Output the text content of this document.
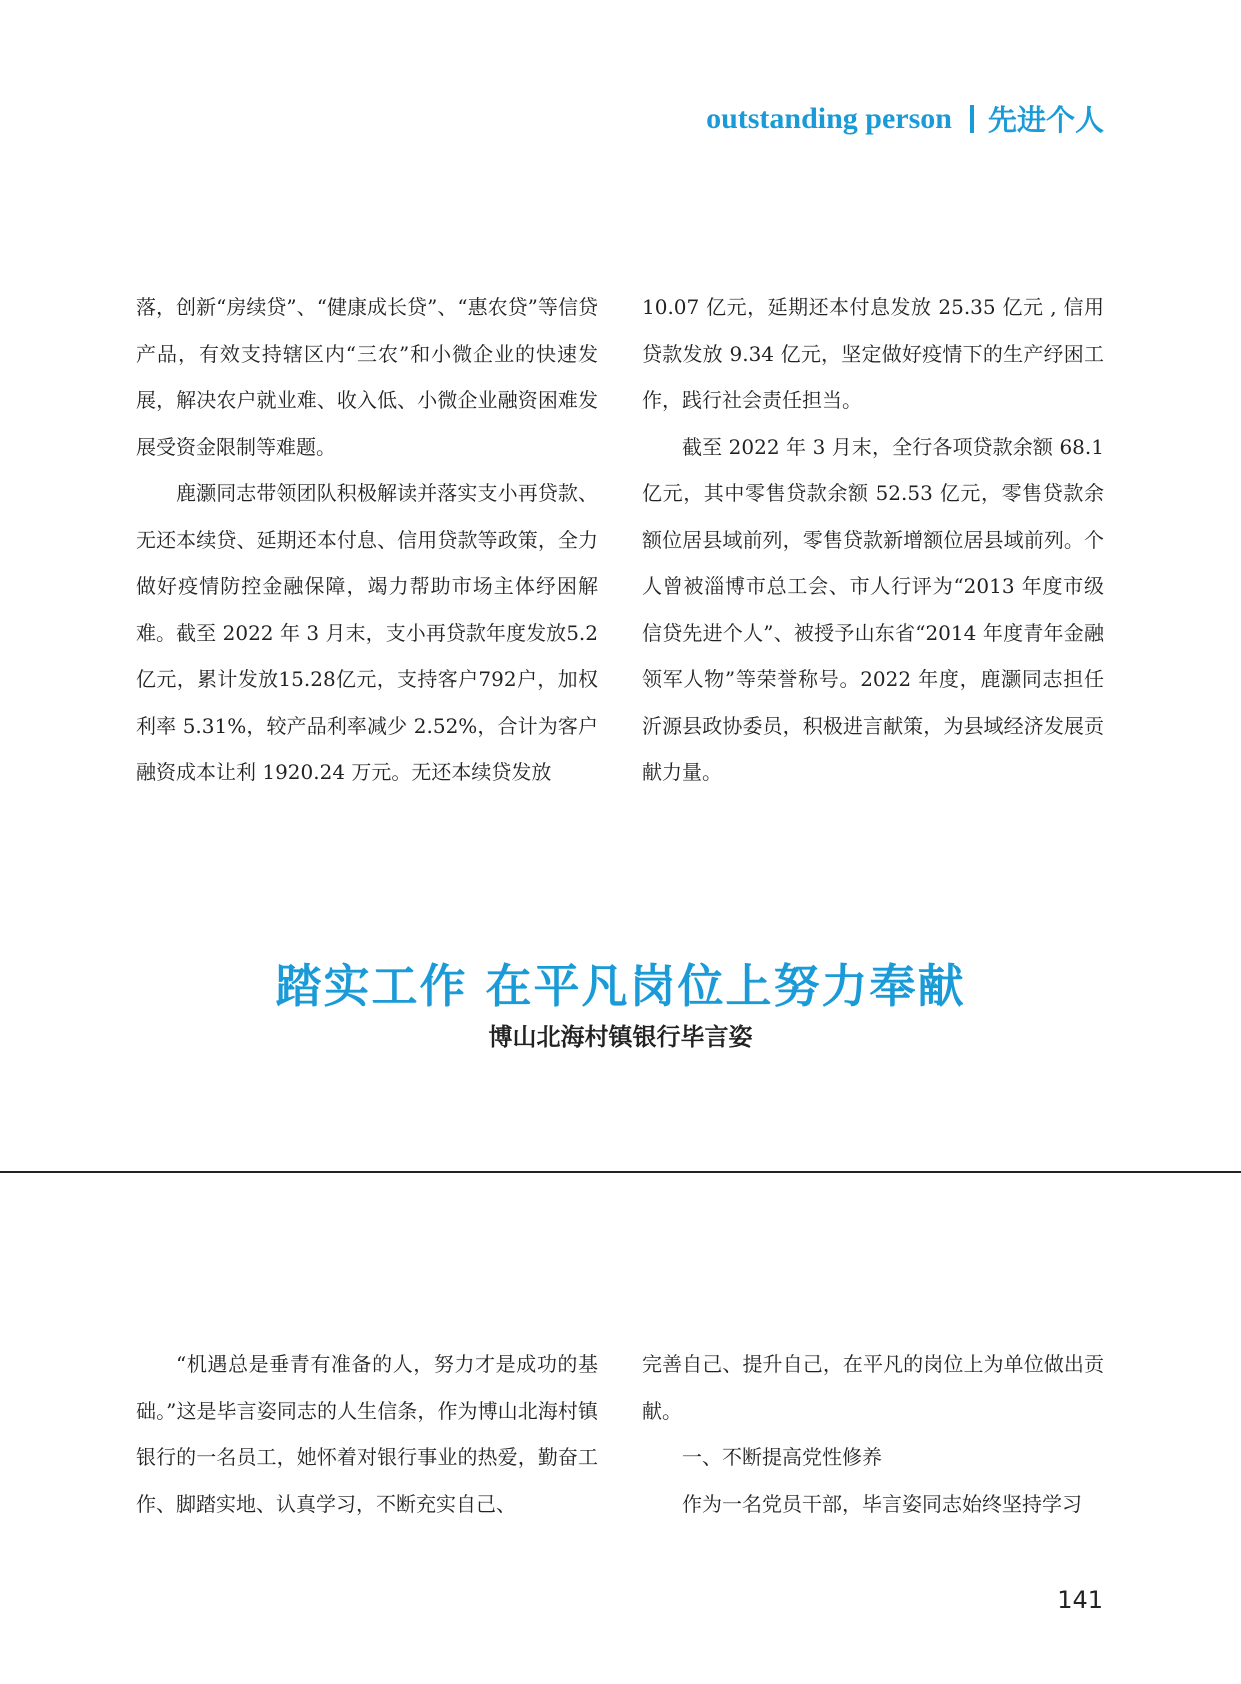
outstanding person 先进个人

落，创新“房续贷”、“健康成长贷”、“惠农贷”等信贷产品，有效支持辖区内“三农”和小微企业的快速发展，解决农户就业难、收入低、小微企业融资困难发展受资金限制等难题。

鹿灏同志带领团队积极解读并落实支小再贷款、无还本续贷、延期还本付息、信用贷款等政策，全力做好疫情防控金融保障，竭力帮助市场主体纾困解难。截至 2022 年 3 月末，支小再贷款年度发放5.2亿元，累计发放15.28亿元，支持客户792户，加权利率 5.31%，较产品利率减少 2.52%，合计为客户融资成本让利 1920.24 万元。无还本续贷发放

10.07 亿元，延期还本付息发放 25.35 亿元 , 信用贷款发放 9.34 亿元，坚定做好疫情下的生产纾困工作，践行社会责任担当。

截至 2022 年 3 月末，全行各项贷款余额 68.1 亿元，其中零售贷款余额 52.53 亿元，零售贷款余额位居县域前列，零售贷款新增额位居县域前列。个人曾被淄博市总工会、市人行评为“2013 年度市级信贷先进个人”、被授予山东省“2014 年度青年金融领军人物”等荣誉称号。2022 年度，鹿灏同志担任沂源县政协委员，积极进言献策，为县域经济发展贡献力量。

踏实工作 在平凡岗位上努力奉献
博山北海村镇银行毕言姿

“机遇总是垂青有准备的人，努力才是成功的基础。”这是毕言姿同志的人生信条，作为博山北海村镇银行的一名员工，她怀着对银行事业的热爱，勤奋工作、脚踏实地、认真学习，不断充实自己、

完善自己、提升自己，在平凡的岗位上为单位做出贡献。

一、不断提高党性修养

作为一名党员干部，毕言姿同志始终坚持学习

141
